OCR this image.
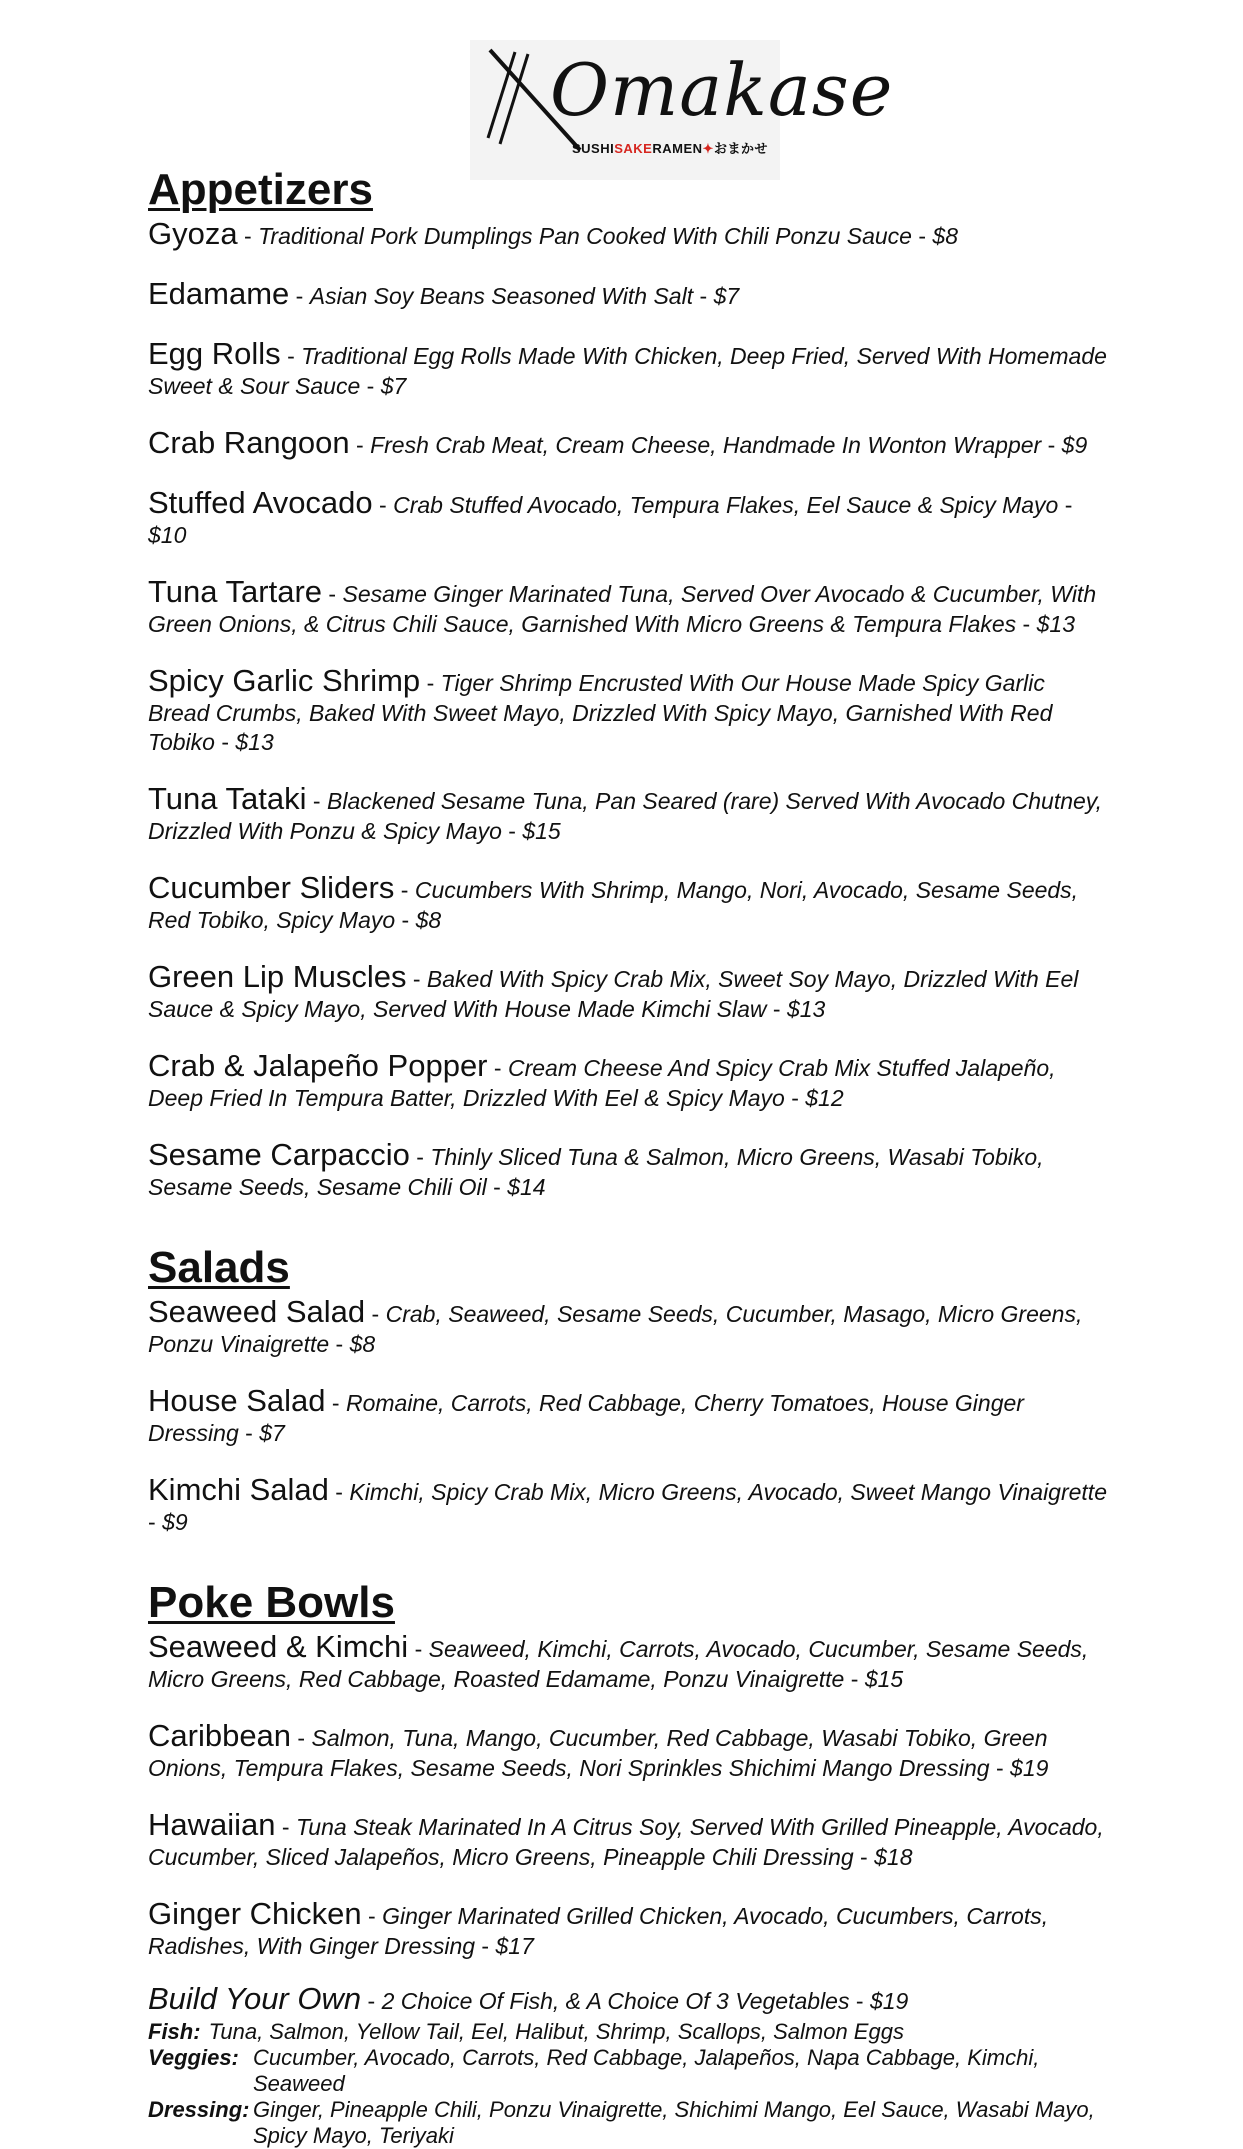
Omakase
SUSHISAKERAMEN✦おまかせ
Appetizers
Gyoza - Traditional Pork Dumplings Pan Cooked With Chili Ponzu Sauce - $8
Edamame - Asian Soy Beans Seasoned With Salt - $7
Egg Rolls - Traditional Egg Rolls Made With Chicken, Deep Fried, Served With Homemade Sweet & Sour Sauce - $7
Crab Rangoon - Fresh Crab Meat, Cream Cheese, Handmade In Wonton Wrapper - $9
Stuffed Avocado - Crab Stuffed Avocado, Tempura Flakes, Eel Sauce & Spicy Mayo - $10
Tuna Tartare - Sesame Ginger Marinated Tuna, Served Over Avocado & Cucumber, With Green Onions, & Citrus Chili Sauce, Garnished With Micro Greens & Tempura Flakes - $13
Spicy Garlic Shrimp - Tiger Shrimp Encrusted With Our House Made Spicy Garlic Bread Crumbs, Baked With Sweet Mayo, Drizzled With Spicy Mayo, Garnished With Red Tobiko - $13
Tuna Tataki - Blackened Sesame Tuna, Pan Seared (rare) Served With Avocado Chutney, Drizzled With Ponzu & Spicy Mayo - $15
Cucumber Sliders - Cucumbers With Shrimp, Mango, Nori, Avocado, Sesame Seeds, Red Tobiko, Spicy Mayo - $8
Green Lip Muscles - Baked With Spicy Crab Mix, Sweet Soy Mayo, Drizzled With Eel Sauce & Spicy Mayo, Served With House Made Kimchi Slaw - $13
Crab & Jalapeño Popper - Cream Cheese And Spicy Crab Mix Stuffed Jalapeño, Deep Fried In Tempura Batter, Drizzled With Eel & Spicy Mayo - $12
Sesame Carpaccio - Thinly Sliced Tuna & Salmon, Micro Greens, Wasabi Tobiko, Sesame Seeds, Sesame Chili Oil - $14
Salads
Seaweed Salad - Crab, Seaweed, Sesame Seeds, Cucumber, Masago, Micro Greens, Ponzu Vinaigrette - $8
House Salad - Romaine, Carrots, Red Cabbage, Cherry Tomatoes, House Ginger Dressing - $7
Kimchi Salad - Kimchi, Spicy Crab Mix, Micro Greens, Avocado, Sweet Mango Vinaigrette - $9
Poke Bowls
Seaweed & Kimchi - Seaweed, Kimchi, Carrots, Avocado, Cucumber, Sesame Seeds, Micro Greens, Red Cabbage, Roasted Edamame, Ponzu Vinaigrette - $15
Caribbean - Salmon, Tuna, Mango, Cucumber, Red Cabbage, Wasabi Tobiko, Green Onions, Tempura Flakes, Sesame Seeds, Nori Sprinkles Shichimi Mango Dressing - $19
Hawaiian - Tuna Steak Marinated In A Citrus Soy, Served With Grilled Pineapple, Avocado, Cucumber, Sliced Jalapeños, Micro Greens, Pineapple Chili Dressing - $18
Ginger Chicken - Ginger Marinated Grilled Chicken, Avocado, Cucumbers, Carrots, Radishes, With Ginger Dressing - $17
Build Your Own - 2 Choice Of Fish, & A Choice Of 3 Vegetables - $19
Fish: Tuna, Salmon, Yellow Tail, Eel, Halibut, Shrimp, Scallops, Salmon Eggs
Veggies: Cucumber, Avocado, Carrots, Red Cabbage, Jalapeños, Napa Cabbage, Kimchi, Seaweed
Dressing: Ginger, Pineapple Chili, Ponzu Vinaigrette, Shichimi Mango, Eel Sauce, Wasabi Mayo, Spicy Mayo, Teriyaki
